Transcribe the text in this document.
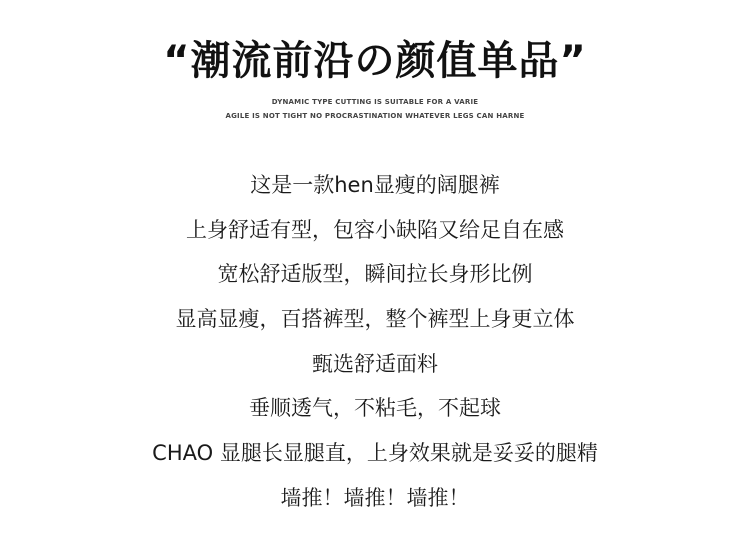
“潮流前沿の颜值单品”
DYNAMIC TYPE CUTTING IS SUITABLE FOR A VARIE
AGILE IS NOT TIGHT NO PROCRASTINATION WHATEVER LEGS CAN HARNE
这是一款hen显瘦的阔腿裤
上身舒适有型，包容小缺陷又给足自在感
宽松舒适版型，瞬间拉长身形比例
显高显瘦，百搭裤型，整个裤型上身更立体
甄选舒适面料
垂顺透气，不粘毛，不起球
CHAO 显腿长显腿直，上身效果就是妥妥的腿精
墙推！墙推！墙推！
